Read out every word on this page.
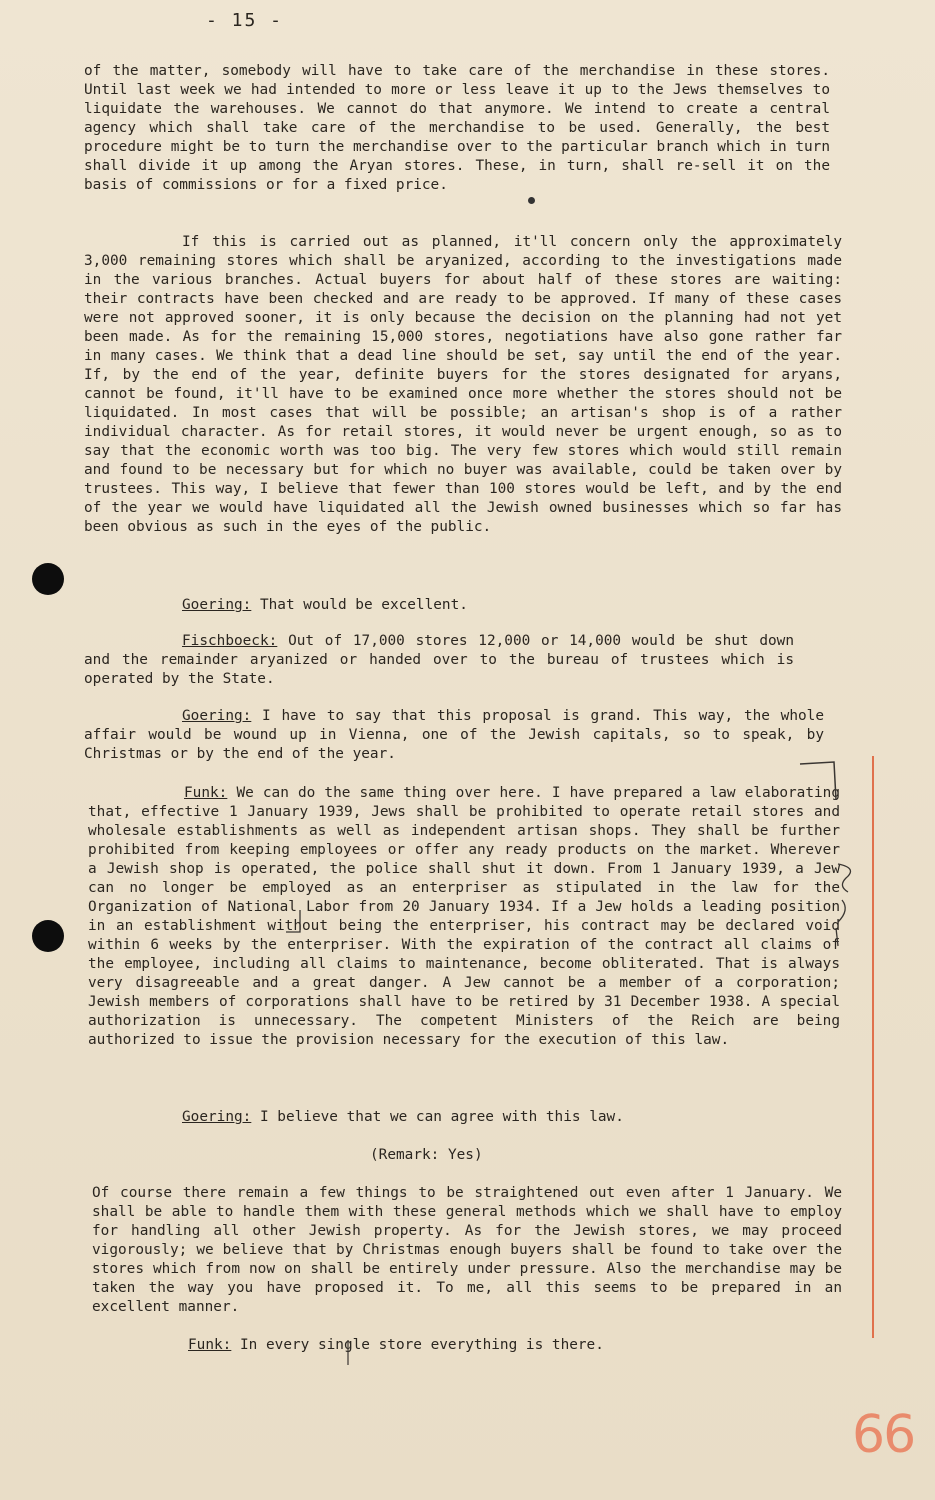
- 15 -

of the matter, somebody will have to take care of the merchandise in these stores. Until last week we had intended to more or less leave it up to the Jews themselves to liquidate the warehouses. We cannot do that anymore. We intend to create a central agency which shall take care of the merchandise to be used. Generally, the best procedure might be to turn the merchandise over to the particular branch which in turn shall divide it up among the Aryan stores. These, in turn, shall re-sell it on the basis of commissions or for a fixed price.

If this is carried out as planned, it'll concern only the approximately 3,000 remaining stores which shall be aryanized, according to the investigations made in the various branches. Actual buyers for about half of these stores are waiting: their contracts have been checked and are ready to be approved. If many of these cases were not approved sooner, it is only because the decision on the planning had not yet been made. As for the remaining 15,000 stores, negotiations have also gone rather far in many cases. We think that a dead line should be set, say until the end of the year. If, by the end of the year, definite buyers for the stores designated for aryans, cannot be found, it'll have to be examined once more whether the stores should not be liquidated. In most cases that will be possible; an artisan's shop is of a rather individual character. As for retail stores, it would never be urgent enough, so as to say that the economic worth was too big. The very few stores which would still remain and found to be necessary but for which no buyer was available, could be taken over by trustees. This way, I believe that fewer than 100 stores would be left, and by the end of the year we would have liquidated all the Jewish owned businesses which so far has been obvious as such in the eyes of the public.

Goering: That would be excellent.

Fischboeck: Out of 17,000 stores 12,000 or 14,000 would be shut down and the remainder aryanized or handed over to the bureau of trustees which is operated by the State.

Goering: I have to say that this proposal is grand. This way, the whole affair would be wound up in Vienna, one of the Jewish capitals, so to speak, by Christmas or by the end of the year.

Funk: We can do the same thing over here. I have prepared a law elaborating that, effective 1 January 1939, Jews shall be prohibited to operate retail stores and wholesale establishments as well as independent artisan shops. They shall be further prohibited from keeping employees or offer any ready products on the market. Wherever a Jewish shop is operated, the police shall shut it down. From 1 January 1939, a Jew can no longer be employed as an enterpriser as stipulated in the law for the Organization of National Labor from 20 January 1934. If a Jew holds a leading position in an establishment without being the enterpriser, his contract may be declared void within 6 weeks by the enterpriser. With the expiration of the contract all claims of the employee, including all claims to maintenance, become obliterated. That is always very disagreeable and a great danger. A Jew cannot be a member of a corporation; Jewish members of corporations shall have to be retired by 31 December 1938. A special authorization is unnecessary. The competent Ministers of the Reich are being authorized to issue the provision necessary for the execution of this law.

Goering: I believe that we can agree with this law.

(Remark: Yes)

Of course there remain a few things to be straightened out even after 1 January. We shall be able to handle them with these general methods which we shall have to employ for handling all other Jewish property. As for the Jewish stores, we may proceed vigorously; we believe that by Christmas enough buyers shall be found to take over the stores which from now on shall be entirely under pressure. Also the merchandise may be taken the way you have proposed it. To me, all this seems to be prepared in an excellent manner.

Funk: In every single store everything is there.

66
